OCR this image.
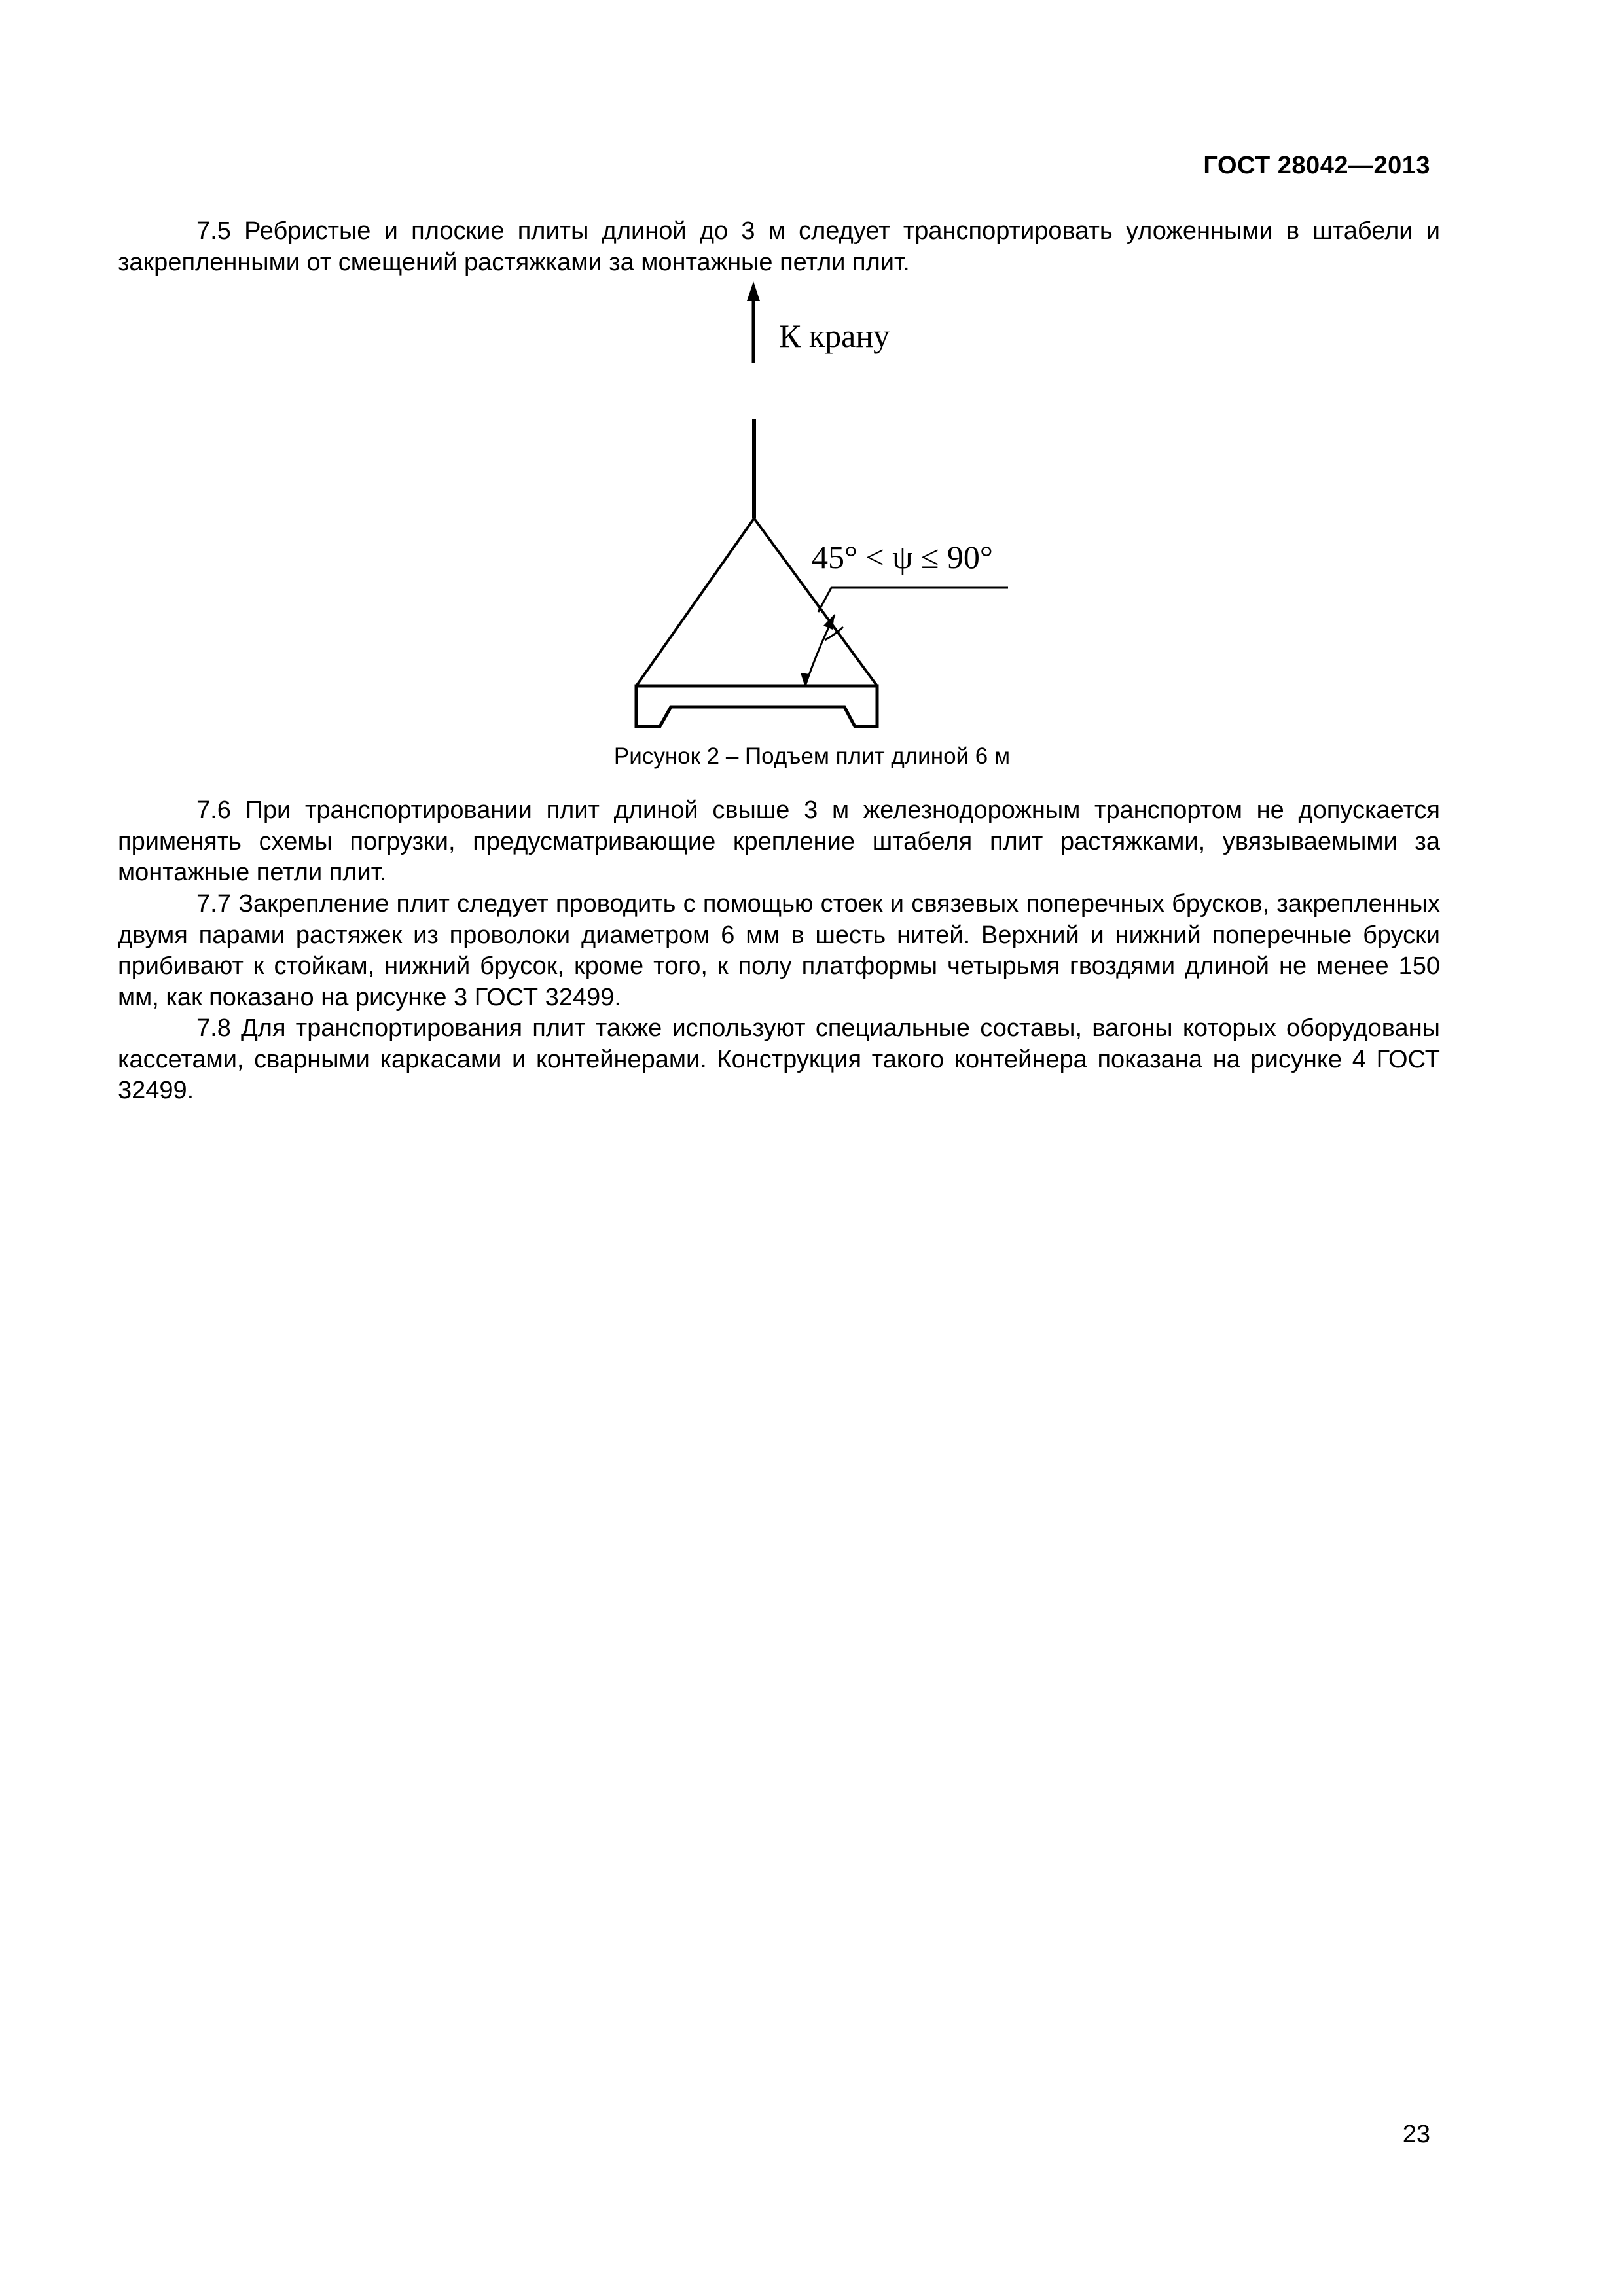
ГОСТ 28042—2013
7.5 Ребристые и плоские плиты длиной до 3 м следует транспортировать уложенными в штабели и закрепленными от смещений растяжками за монтажные петли плит.
К крану
45° < ψ ≤ 90°
Рисунок 2 – Подъем плит длиной 6 м
7.6 При транспортировании плит длиной свыше 3 м железнодорожным транспортом не допускается применять схемы погрузки, предусматривающие крепление штабеля плит растяжками, увязываемыми за монтажные петли плит.
7.7 Закрепление плит следует проводить с помощью стоек и связевых поперечных брусков, закрепленных двумя парами растяжек из проволоки диаметром 6 мм в шесть нитей. Верхний и нижний поперечные бруски прибивают к стойкам, нижний брусок, кроме того, к полу платформы четырьмя гвоздями длиной не менее 150 мм, как показано на рисунке 3 ГОСТ 32499.
7.8 Для транспортирования плит также используют специальные составы, вагоны которых оборудованы кассетами, сварными каркасами и контейнерами. Конструкция такого контейнера показана на рисунке 4 ГОСТ 32499.
23
